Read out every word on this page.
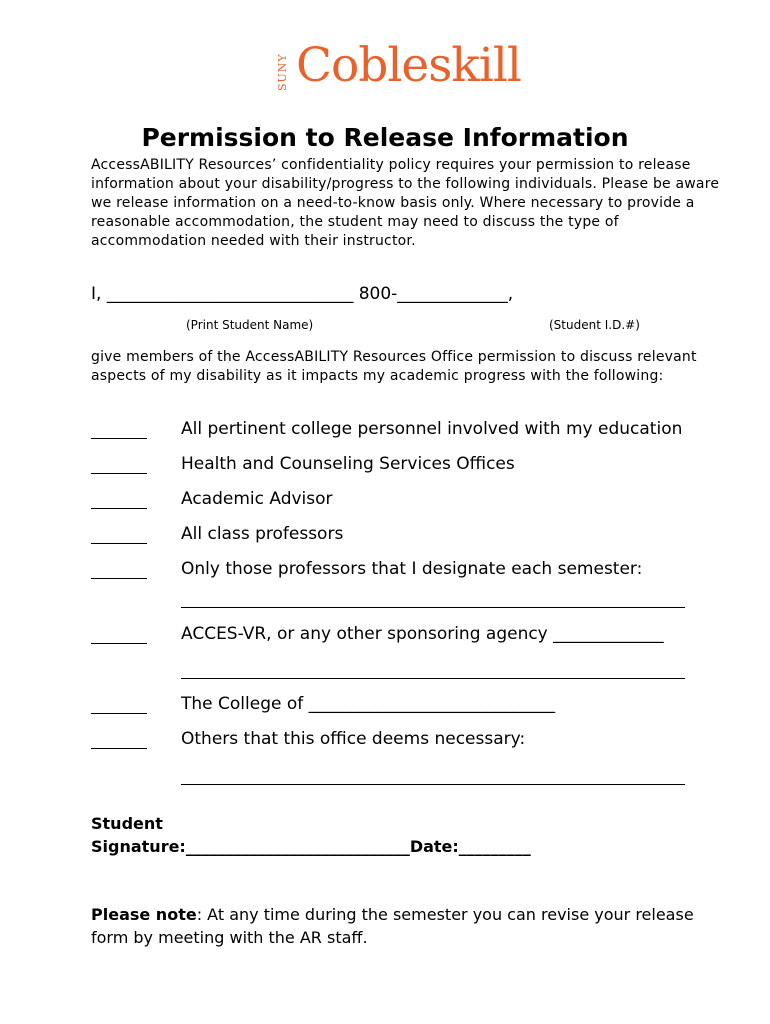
SUNY Cobleskill
Permission to Release Information
AccessABILITY Resources’ confidentiality policy requires your permission to release information about your disability/progress to the following individuals. Please be aware we release information on a need-to-know basis only. Where necessary to provide a reasonable accommodation, the student may need to discuss the type of accommodation needed with their instructor.
I, _____________________________ 800-_____________,
(Print Student Name)	(Student I.D.#)
give members of the AccessABILITY Resources Office permission to discuss relevant aspects of my disability as it impacts my academic progress with the following:
All pertinent college personnel involved with my education
Health and Counseling Services Offices
Academic Advisor
All class professors
Only those professors that I designate each semester:
ACCES-VR, or any other sponsoring agency _____________
The College of _____________________________
Others that this office deems necessary:
Student
Signature:____________________________Date:_________
Please note: At any time during the semester you can revise your release form by meeting with the AR staff.
